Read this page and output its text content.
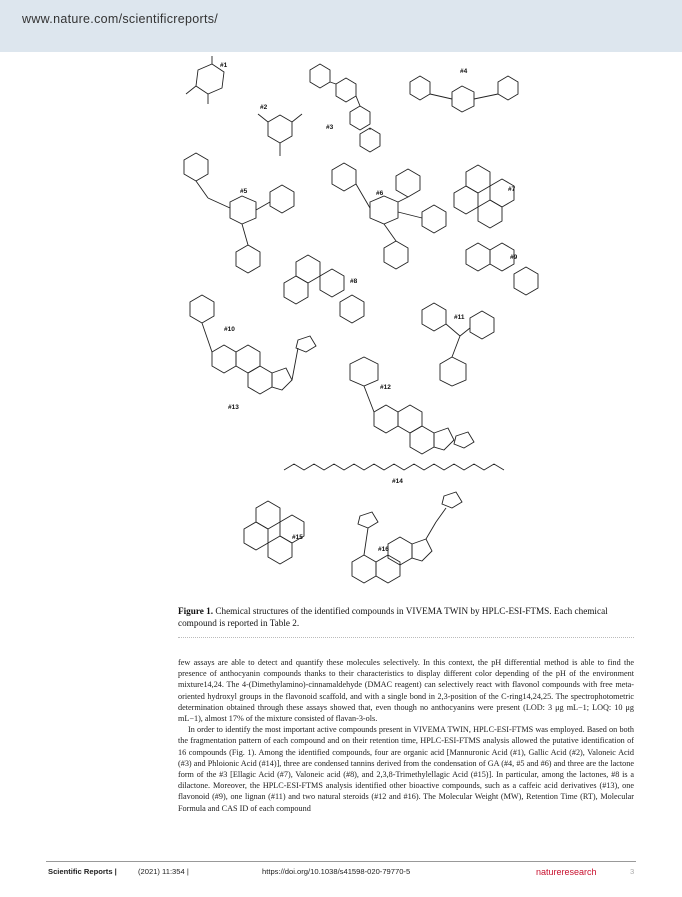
www.nature.com/scientificreports/
#1
#2
#3
#4
#5	#6
#7
#8
#9
#10
#11
#12
#13
#14
#15
#16
Figure 1. Chemical structures of the identified compounds in VIVEMA TWIN by HPLC-ESI-FTMS. Each chemical compound is reported in Table 2.

few assays are able to detect and quantify these molecules selectively. In this context, the pH differential method is able to find the presence of anthocyanin compounds thanks to their characteristics to display different color depending of the pH of the environment mixture14,24. The 4-(Dimethylamino)-cinnamaldehyde (DMAC reagent) can selectively react with flavonol compounds with free meta-oriented hydroxyl groups in the flavonoid scaffold, and with a single bond in 2,3-position of the C-ring14,24,25. The spectrophotometric determination obtained through these assays showed that, even though no anthocyanins were present (LOD: 3 μg mL−1; LOQ: 10 μg mL−1), almost 17% of the mixture consisted of flavan-3-ols.

In order to identify the most important active compounds present in VIVEMA TWIN, HPLC-ESI-FTMS was employed. Based on both the fragmentation pattern of each compound and on their retention time, HPLC-ESI-FTMS analysis allowed the putative identification of 16 compounds (Fig. 1). Among the identified compounds, four are organic acid [Mannuronic Acid (#1), Gallic Acid (#2), Valoneic Acid (#3) and Phloionic Acid (#14)], three are condensed tannins derived from the condensation of GA (#4, #5 and #6) and three are the lactone form of the #3 [Ellagic Acid (#7), Valoneic acid (#8), and 2,3,8-Trimethylellagic Acid (#15)]. In particular, among the lactones, #8 is a dilactone. Moreover, the HPLC-ESI-FTMS analysis identified other bioactive compounds, such as a caffeic acid derivatives (#13), one flavonoid (#9), one lignan (#11) and two natural steroids (#12 and #16). The Molecular Weight (MW), Retention Time (RT), Molecular Formula and CAS ID of each compound

Scientific Reports |	(2021) 11:354 |	https://doi.org/10.1038/s41598-020-79770-5	natureresearch	3
